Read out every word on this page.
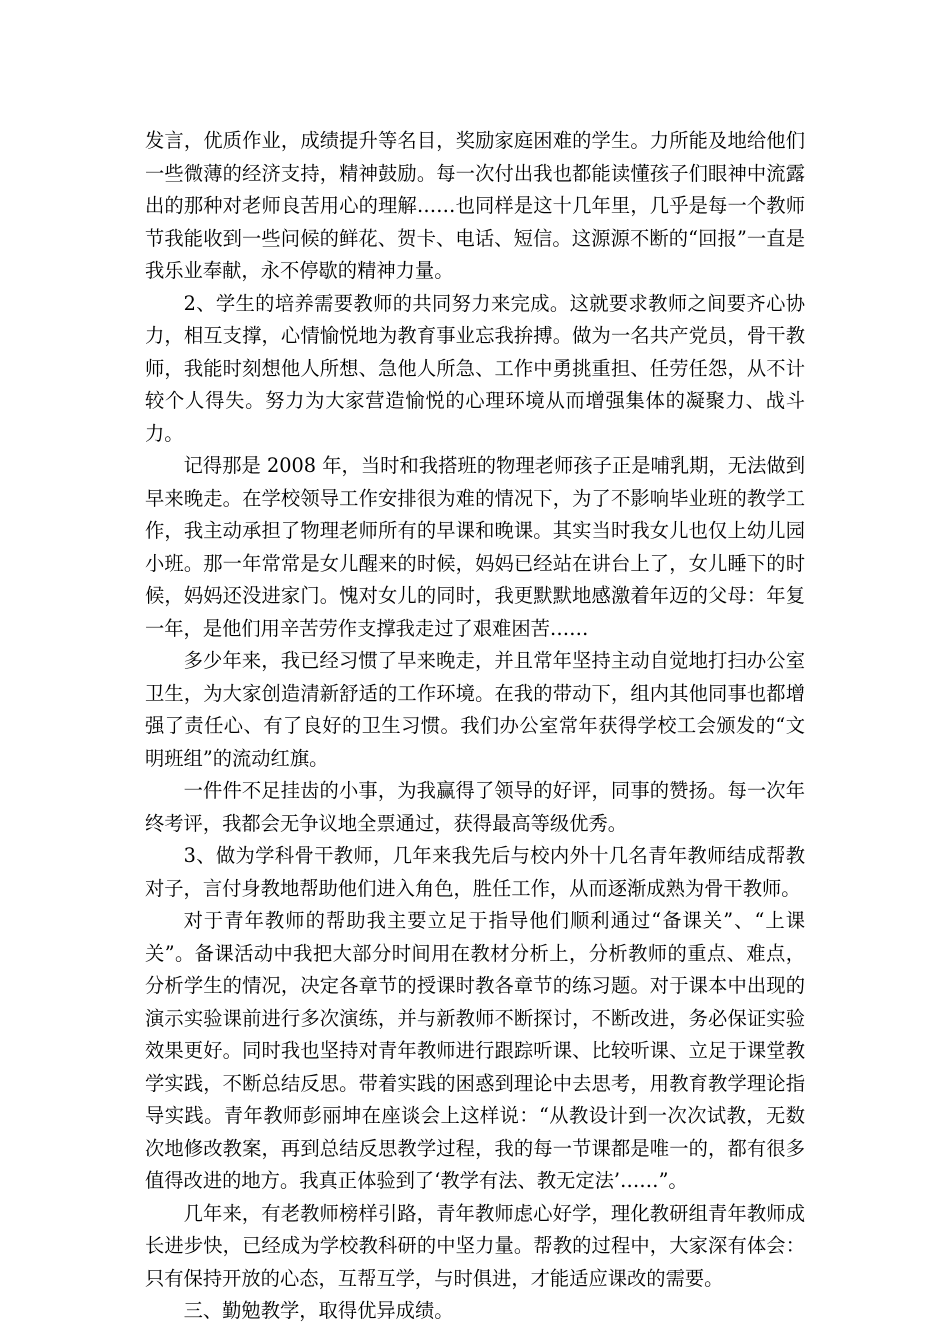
发言，优质作业，成绩提升等名目，奖励家庭困难的学生。力所能及地给他们一些微薄的经济支持，精神鼓励。每一次付出我也都能读懂孩子们眼神中流露出的那种对老师良苦用心的理解……也同样是这十几年里，几乎是每一个教师节我能收到一些问候的鲜花、贺卡、电话、短信。这源源不断的“回报”一直是我乐业奉献，永不停歇的精神力量。

2、学生的培养需要教师的共同努力来完成。这就要求教师之间要齐心协力，相互支撑，心情愉悦地为教育事业忘我拚搏。做为一名共产党员，骨干教师，我能时刻想他人所想、急他人所急、工作中勇挑重担、任劳任怨，从不计较个人得失。努力为大家营造愉悦的心理环境从而增强集体的凝聚力、战斗力。

记得那是 2008 年，当时和我搭班的物理老师孩子正是哺乳期，无法做到早来晚走。在学校领导工作安排很为难的情况下，为了不影响毕业班的教学工作，我主动承担了物理老师所有的早课和晚课。其实当时我女儿也仅上幼儿园小班。那一年常常是女儿醒来的时候，妈妈已经站在讲台上了，女儿睡下的时候，妈妈还没进家门。愧对女儿的同时，我更默默地感激着年迈的父母：年复一年，是他们用辛苦劳作支撑我走过了艰难困苦……

多少年来，我已经习惯了早来晚走，并且常年坚持主动自觉地打扫办公室卫生，为大家创造清新舒适的工作环境。在我的带动下，组内其他同事也都增强了责任心、有了良好的卫生习惯。我们办公室常年获得学校工会颁发的“文明班组”的流动红旗。

一件件不足挂齿的小事，为我赢得了领导的好评，同事的赞扬。每一次年终考评，我都会无争议地全票通过，获得最高等级优秀。

3、做为学科骨干教师，几年来我先后与校内外十几名青年教师结成帮教对子，言付身教地帮助他们进入角色，胜任工作，从而逐渐成熟为骨干教师。

对于青年教师的帮助我主要立足于指导他们顺利通过“备课关”、“上课关”。备课活动中我把大部分时间用在教材分析上，分析教师的重点、难点，分析学生的情况，决定各章节的授课时教各章节的练习题。对于课本中出现的演示实验课前进行多次演练，并与新教师不断探讨，不断改进，务必保证实验效果更好。同时我也坚持对青年教师进行跟踪听课、比较听课、立足于课堂教学实践，不断总结反思。带着实践的困惑到理论中去思考，用教育教学理论指导实践。青年教师彭丽坤在座谈会上这样说：“从教设计到一次次试教，无数次地修改教案，再到总结反思教学过程，我的每一节课都是唯一的，都有很多值得改进的地方。我真正体验到了‘教学有法、教无定法’……”。

几年来，有老教师榜样引路，青年教师虑心好学，理化教研组青年教师成长进步快，已经成为学校教科研的中坚力量。帮教的过程中，大家深有体会：只有保持开放的心态，互帮互学，与时俱进，才能适应课改的需要。

三、勤勉教学，取得优异成绩。
